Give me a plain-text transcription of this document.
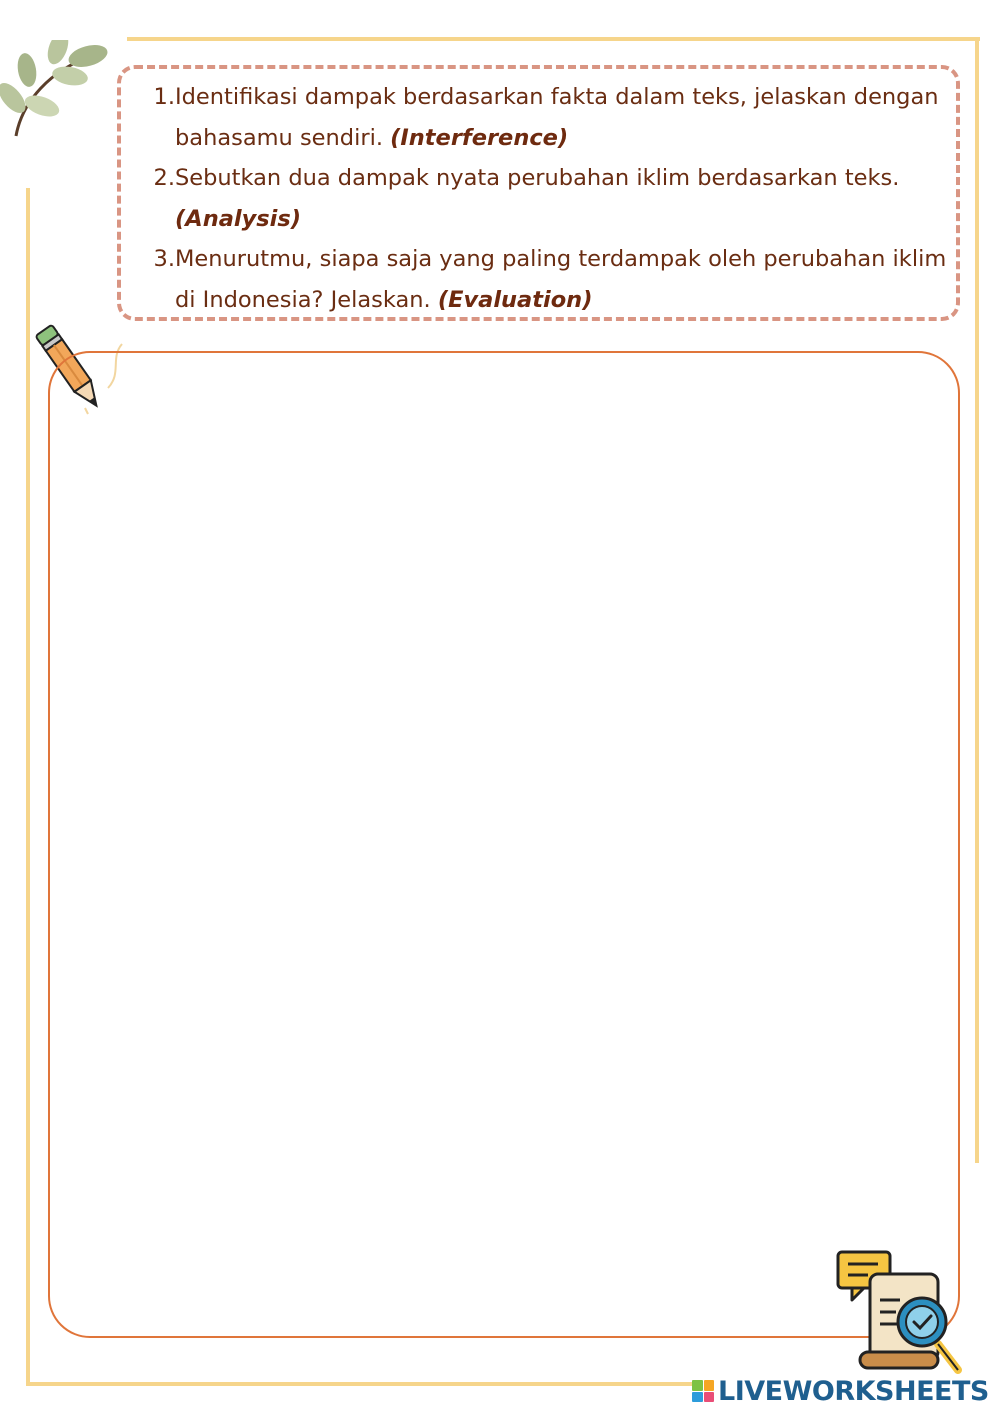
1. Identifikasi dampak berdasarkan fakta dalam teks, jelaskan dengan bahasamu sendiri. (Interference)
2. Sebutkan dua dampak nyata perubahan iklim berdasarkan teks. (Analysis)
3. Menurutmu, siapa saja yang paling terdampak oleh perubahan iklim di Indonesia? Jelaskan. (Evaluation)
LIVEWORKSHEETS
